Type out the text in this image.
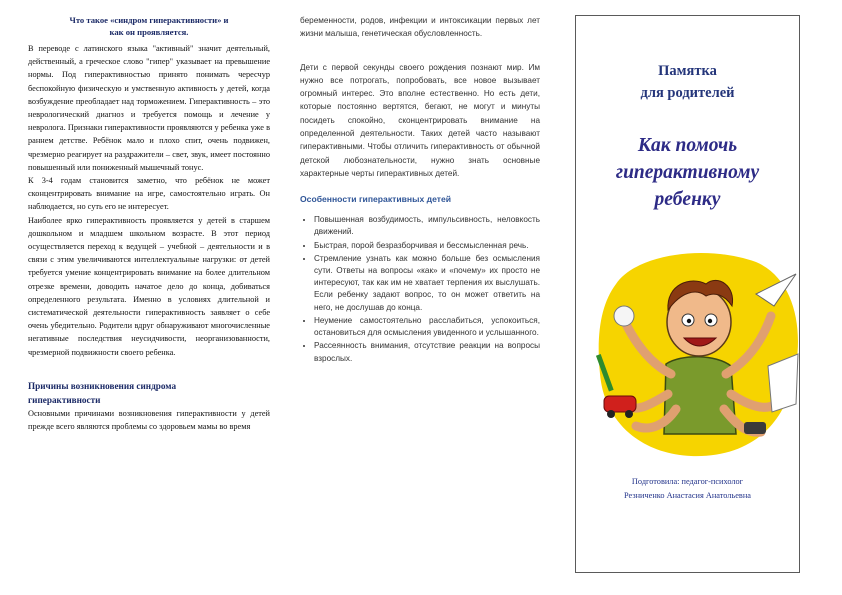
Что такое «синдром гиперактивности» и
как он проявляется.

В переводе с латинского языка "активный" значит деятельный, действенный, а греческое слово "гипер" указывает на превышение нормы. Под гиперактивностью принято понимать чересчур беспокойную физическую и умственную активность у детей, когда возбуждение преобладает над торможением. Гиперактивность – это неврологический диагноз и требуется помощь и лечение у невролога. Признаки гиперактивности проявляются у ребенка уже в раннем детстве. Ребёнок мало и плохо спит, очень подвижен, чрезмерно реагирует на раздражители – свет, звук, имеет постоянно повышенный или пониженный мышечный тонус.

К 3-4 годам становится заметно, что ребёнок не может сконцентрировать внимание на игре, самостоятельно играть. Он наблюдается, но суть его не интересует.

Наиболее ярко гиперактивность проявляется у детей в старшем дошкольном и младшем школьном возрасте. В этот период осуществляется переход к ведущей – учебной – деятельности и в связи с этим увеличиваются интеллектуальные нагрузки: от детей требуется умение концентрировать внимание на более длительном отрезке времени, доводить начатое дело до конца, добиваться определенного результата. Именно в условиях длительной и систематической деятельности гиперактивность заявляет о себе очень убедительно. Родители вдруг обнаруживают многочисленные негативные последствия неусидчивости, неорганизованности, чрезмерной подвижности своего ребенка.

Причины возникновения синдрома
гиперактивности

Основными причинами возникновения гиперактивности у детей прежде всего являются проблемы со здоровьем мамы во время

беременности, родов, инфекции и интоксикации первых лет жизни малыша, генетическая обусловленность.

Дети с первой секунды своего рождения познают мир. Им нужно все потрогать, попробовать, все новое вызывает огромный интерес. Это вполне естественно. Но есть дети, которые постоянно вертятся, бегают, не могут и минуты посидеть спокойно, сконцентрировать внимание на определенной деятельности. Таких детей часто называют гиперактивными. Чтобы отличить гиперактивность от обычной детской любознательности, нужно знать основные характерные черты гиперактивных детей.

Особенности гиперактивных детей
• Повышенная возбудимость, импульсивность, неловкость движений.
• Быстрая, порой безразборчивая и бессмысленная речь.
• Стремление узнать как можно больше без осмысления сути. Ответы на вопросы «как» и «почему» их просто не интересуют, так как им не хватает терпения их выслушать. Если ребенку задают вопрос, то он может ответить на него, не дослушав до конца.
• Неумение самостоятельно расслабиться, успокоиться, остановиться для осмысления увиденного и услышанного.
• Рассеянность внимания, отсутствие реакции на вопросы взрослых.
Памятка
для родителей
Как помочь
гиперактивному
ребенку
Подготовила: педагог-психолог
Резниченко Анастасия Анатольевна
